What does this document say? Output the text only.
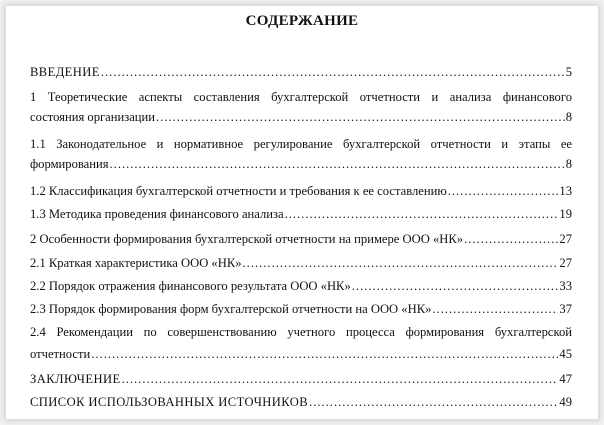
СОДЕРЖАНИЕ
ВВЕДЕНИЕ .....	5
1 Теоретические аспекты составления бухгалтерской отчетности и анализа финансового
состояния организации .....	8
1.1 Законодательное и нормативное регулирование бухгалтерской отчетности и этапы ее
формирования .....	8
1.2 Классификация бухгалтерской отчетности и требования к ее составлению .....	13
1.3 Методика проведения финансового анализа .....	19
2 Особенности формирования бухгалтерской отчетности на примере ООО «НК» .....	27
2.1 Краткая характеристика ООО «НК» .....	27
2.2 Порядок отражения финансового результата ООО «НК» .....	33
2.3 Порядок формирования форм бухгалтерской отчетности на ООО «НК» .....	37
2.4 Рекомендации по совершенствованию учетного процесса формирования бухгалтерской
отчетности .....	45
ЗАКЛЮЧЕНИЕ .....	47
СПИСОК ИСПОЛЬЗОВАННЫХ ИСТОЧНИКОВ .....	49
